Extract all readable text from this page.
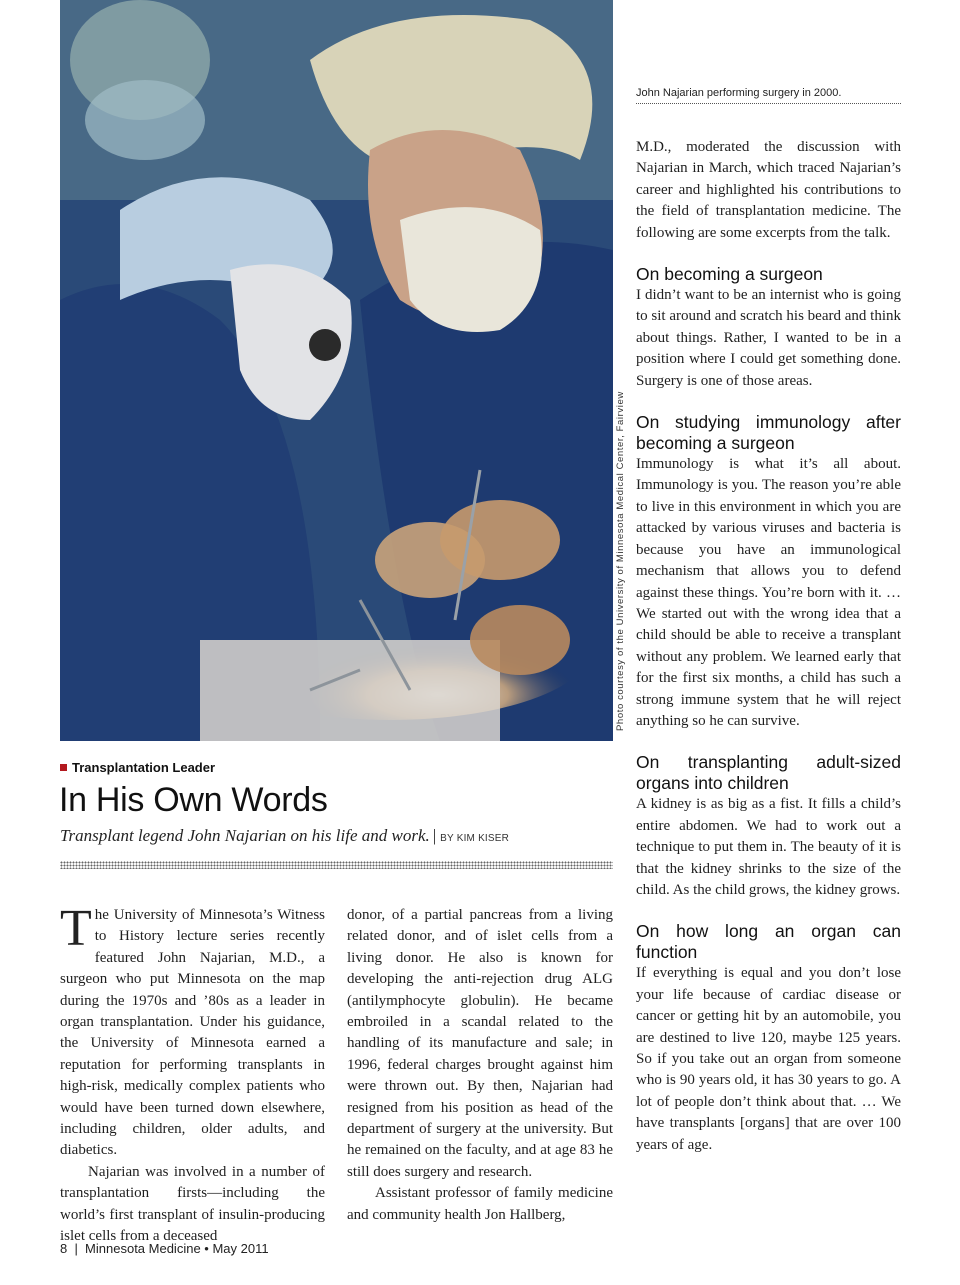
Photo courtesy of the University of Minnesota Medical Center, Fairview
John Najarian performing surgery in 2000.
Transplantation Leader
In His Own Words
Transplant legend John Najarian on his life and work. | BY KIM KISER

The University of Minnesota’s Witness to History lecture series recently featured John Najarian, M.D., a surgeon who put Minnesota on the map during the 1970s and ’80s as a leader in organ transplantation. Under his guidance, the University of Minnesota earned a reputation for performing transplants in high-risk, medically complex patients who would have been turned down elsewhere, including children, older adults, and diabetics.

Najarian was involved in a number of transplantation firsts—including the world’s first transplant of insulin-producing islet cells from a deceased

donor, of a partial pancreas from a living related donor, and of islet cells from a living donor. He also is known for developing the anti-rejection drug ALG (antilymphocyte globulin). He became embroiled in a scandal related to the handling of its manufacture and sale; in 1996, federal charges brought against him were thrown out. By then, Najarian had resigned from his position as head of the department of surgery at the university. But he remained on the faculty, and at age 83 he still does surgery and research.

Assistant professor of family medicine and community health Jon Hallberg,

M.D., moderated the discussion with Najarian in March, which traced Najarian’s career and highlighted his contributions to the field of transplantation medicine. The following are some excerpts from the talk.

On becoming a surgeon

I didn’t want to be an internist who is going to sit around and scratch his beard and think about things. Rather, I wanted to be in a position where I could get something done. Surgery is one of those areas.

On studying immunology after becoming a surgeon

Immunology is what it’s all about. Immunology is you. The reason you’re able to live in this environment in which you are attacked by various viruses and bacteria is because you have an immunological mechanism that allows you to defend against these things. You’re born with it. … We started out with the wrong idea that a child should be able to receive a transplant without any problem. We learned early that for the first six months, a child has such a strong immune system that he will reject anything so he can survive.

On transplanting adult-sized organs into children

A kidney is as big as a fist. It fills a child’s entire abdomen. We had to work out a technique to put them in. The beauty of it is that the kidney shrinks to the size of the child. As the child grows, the kidney grows.

On how long an organ can function

If everything is equal and you don’t lose your life because of cardiac disease or cancer or getting hit by an automobile, you are destined to live 120, maybe 125 years. So if you take out an organ from someone who is 90 years old, it has 30 years to go. A lot of people don’t think about that. … We have transplants [organs] that are over 100 years of age.

8  |  Minnesota Medicine • May 2011
